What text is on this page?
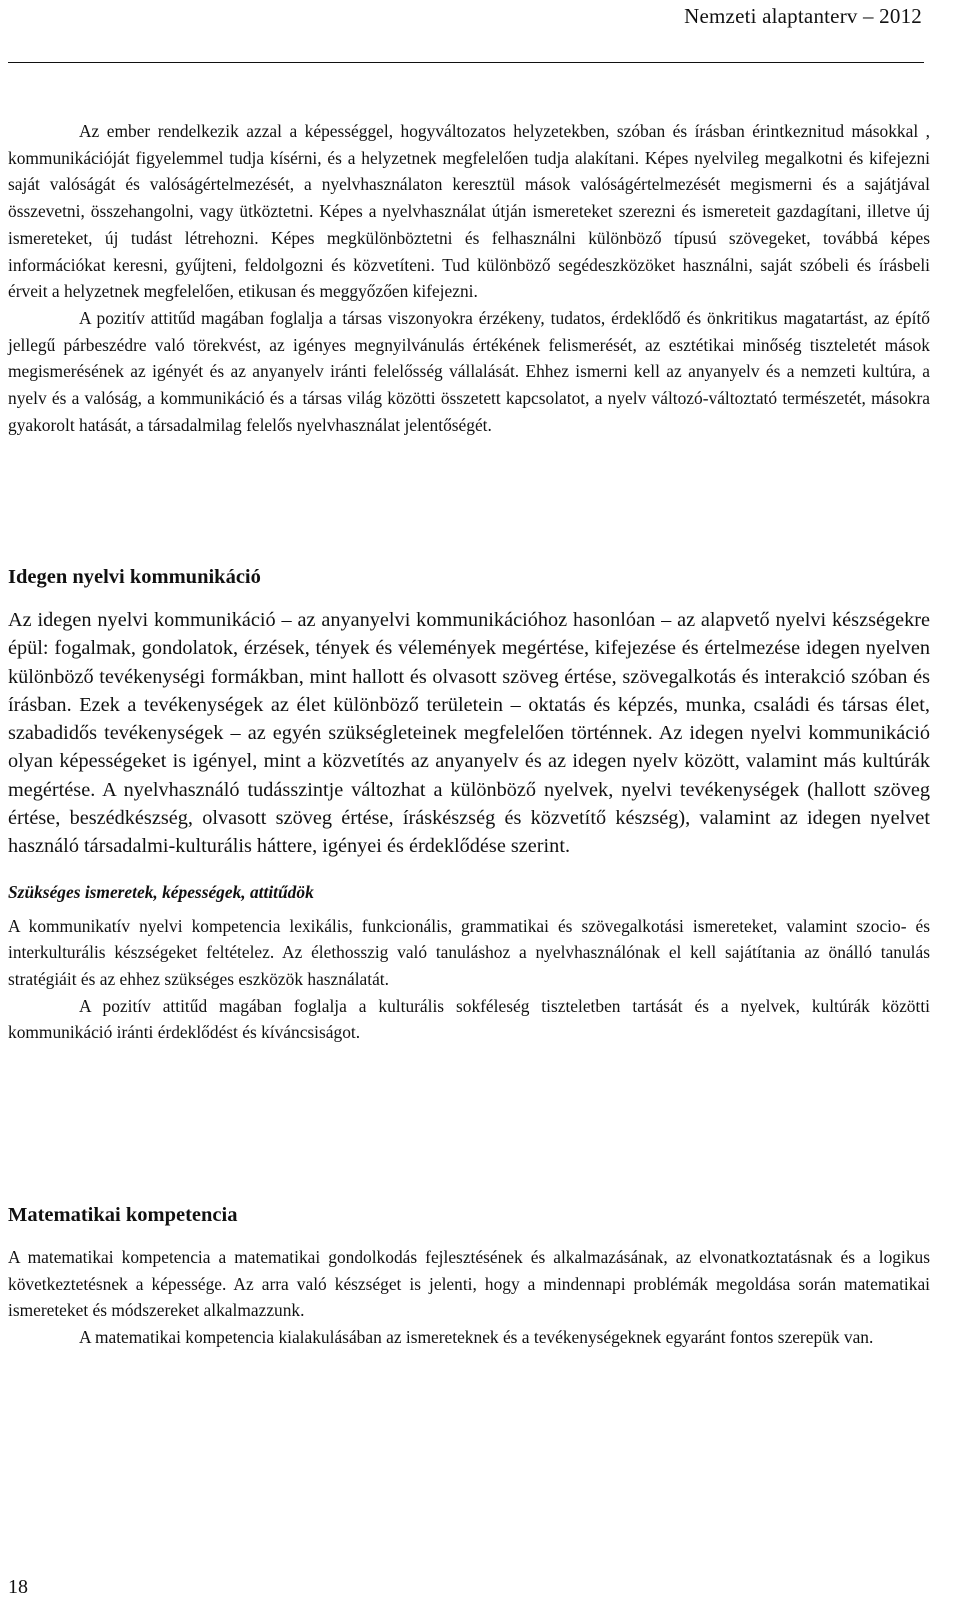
Nemzeti alaptanterv – 2012

Az ember rendelkezik azzal a képességgel, hogyváltozatos helyzetekben, szóban és írásban érintkeznitud másokkal , kommunikációját figyelemmel tudja kísérni, és a helyzetnek megfelelően tudja alakítani. Képes nyelvileg megalkotni és kifejezni saját valóságát és valóságértelmezését, a nyelvhasználaton keresztül mások valóságértelmezését megismerni és a sajátjával összevetni, összehangolni, vagy ütköztetni. Képes a nyelvhasználat útján ismereteket szerezni és ismereteit gazdagítani, illetve új ismereteket, új tudást létrehozni. Képes megkülönböztetni és felhasználni különböző típusú szövegeket, továbbá képes információkat keresni, gyűjteni, feldolgozni és közvetíteni. Tud különböző segédeszközöket használni, saját szóbeli és írásbeli érveit a helyzetnek megfelelően, etikusan és meggyőzően kifejezni.

A pozitív attitűd magában foglalja a társas viszonyokra érzékeny, tudatos, érdeklődő és önkritikus magatartást, az építő jellegű párbeszédre való törekvést, az igényes megnyilvánulás értékének felismerését, az esztétikai minőség tiszteletét mások megismerésének az igényét és az anyanyelv iránti felelősség vállalását. Ehhez ismerni kell az anyanyelv és a nemzeti kultúra, a nyelv és a valóság, a kommunikáció és a társas világ közötti összetett kapcsolatot, a nyelv változó-változtató természetét, másokra gyakorolt hatását, a társadalmilag felelős nyelvhasználat jelentőségét.

Idegen nyelvi kommunikáció

Az idegen nyelvi kommunikáció – az anyanyelvi kommunikációhoz hasonlóan – az alapvető nyelvi készségekre épül: fogalmak, gondolatok, érzések, tények és vélemények megértése, kifejezése és értelmezése idegen nyelven különböző tevékenységi formákban, mint hallott és olvasott szöveg értése, szövegalkotás és interakció szóban és írásban. Ezek a tevékenységek az élet különböző területein – oktatás és képzés, munka, családi és társas élet, szabadidős tevékenységek – az egyén szükségleteinek megfelelően történnek. Az idegen nyelvi kommunikáció olyan képességeket is igényel, mint a közvetítés az anyanyelv és az idegen nyelv között, valamint más kultúrák megértése. A nyelvhasználó tudásszintje változhat a különböző nyelvek, nyelvi tevékenységek (hallott szöveg értése, beszédkészség, olvasott szöveg értése, íráskészség és közvetítő készség), valamint az idegen nyelvet használó társadalmi-kulturális háttere, igényei és érdeklődése szerint.

Szükséges ismeretek, képességek, attitűdök

A kommunikatív nyelvi kompetencia lexikális, funkcionális, grammatikai és szövegalkotási ismereteket, valamint szocio- és interkulturális készségeket feltételez. Az élethosszig való tanuláshoz a nyelvhasználónak el kell sajátítania az önálló tanulás stratégiáit és az ehhez szükséges eszközök használatát.

A pozitív attitűd magában foglalja a kulturális sokféleség tiszteletben tartását és a nyelvek, kultúrák közötti kommunikáció iránti érdeklődést és kíváncsiságot.

Matematikai kompetencia

A matematikai kompetencia a matematikai gondolkodás fejlesztésének és alkalmazásának, az elvonatkoztatásnak és a logikus következtetésnek a képessége. Az arra való készséget is jelenti, hogy a mindennapi problémák megoldása során matematikai ismereteket és módszereket alkalmazzunk.

A matematikai kompetencia kialakulásában az ismereteknek és a tevékenységeknek egyaránt fontos szerepük van.

18
